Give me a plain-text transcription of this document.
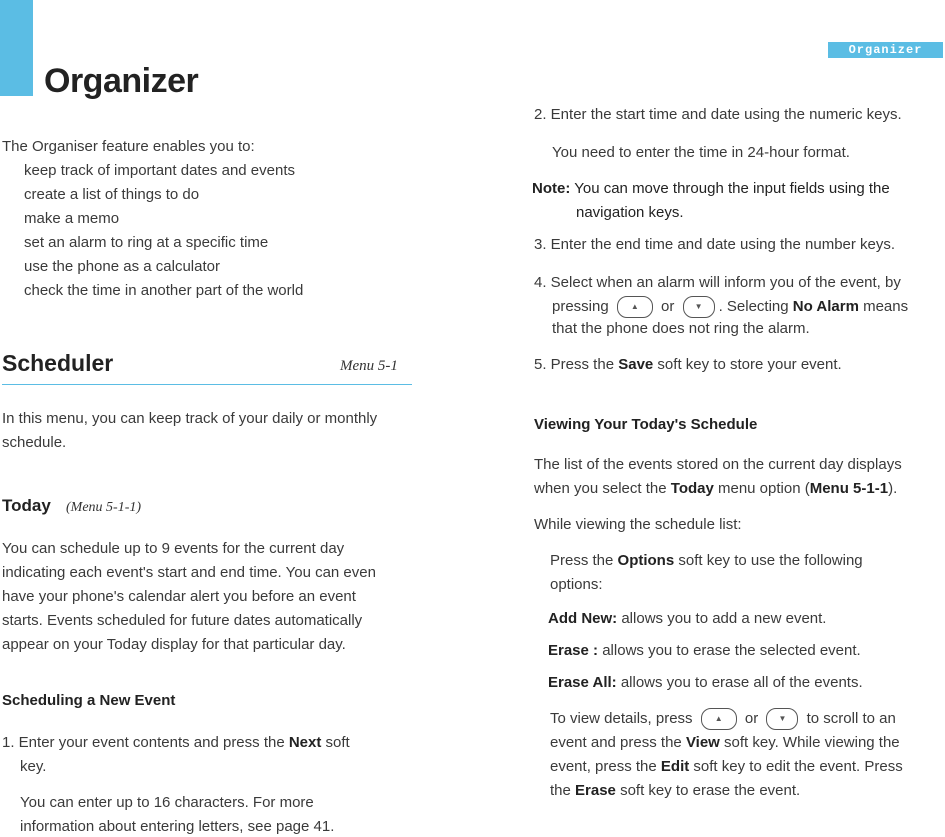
Organizer
Organizer
The Organiser feature enables you to:
keep track of important dates and events
create a list of things to do
make a memo
set an alarm to ring at a specific time
use the phone as a calculator
check the time in another part of the world
Scheduler	Menu 5-1
In this menu, you can keep track of your daily or monthly
schedule.
Today (Menu 5-1-1)
You can schedule up to 9 events for the current day
indicating each event's start and end time. You can even
have your phone's calendar alert you before an event
starts. Events scheduled for future dates automatically
appear on your Today display for that particular day.
Scheduling a New Event
1. Enter your event contents and press the Next soft
key.
You can enter up to 16 characters. For more
information about entering letters, see page 41.
2. Enter the start time and date using the numeric keys.
You need to enter the time in 24-hour format.
Note: You can move through the input fields using the
navigation keys.
3. Enter the end time and date using the number keys.
4. Select when an alarm will inform you of the event, by
pressing	▲ or	▼ . Selecting No Alarm means
that the phone does not ring the alarm.
5. Press the Save soft key to store your event.
Viewing Your Today's Schedule
The list of the events stored on the current day displays
when you select the Today menu option (Menu 5-1-1).
While viewing the schedule list:
Press the Options soft key to use the following
options:
Add New: allows you to add a new event.
Erase : allows you to erase the selected event.
Erase All: allows you to erase all of the events.
To view details, press	▲ or	▼ to scroll to an
event and press the View soft key. While viewing the
event, press the Edit soft key to edit the event. Press
the Erase soft key to erase the event.
